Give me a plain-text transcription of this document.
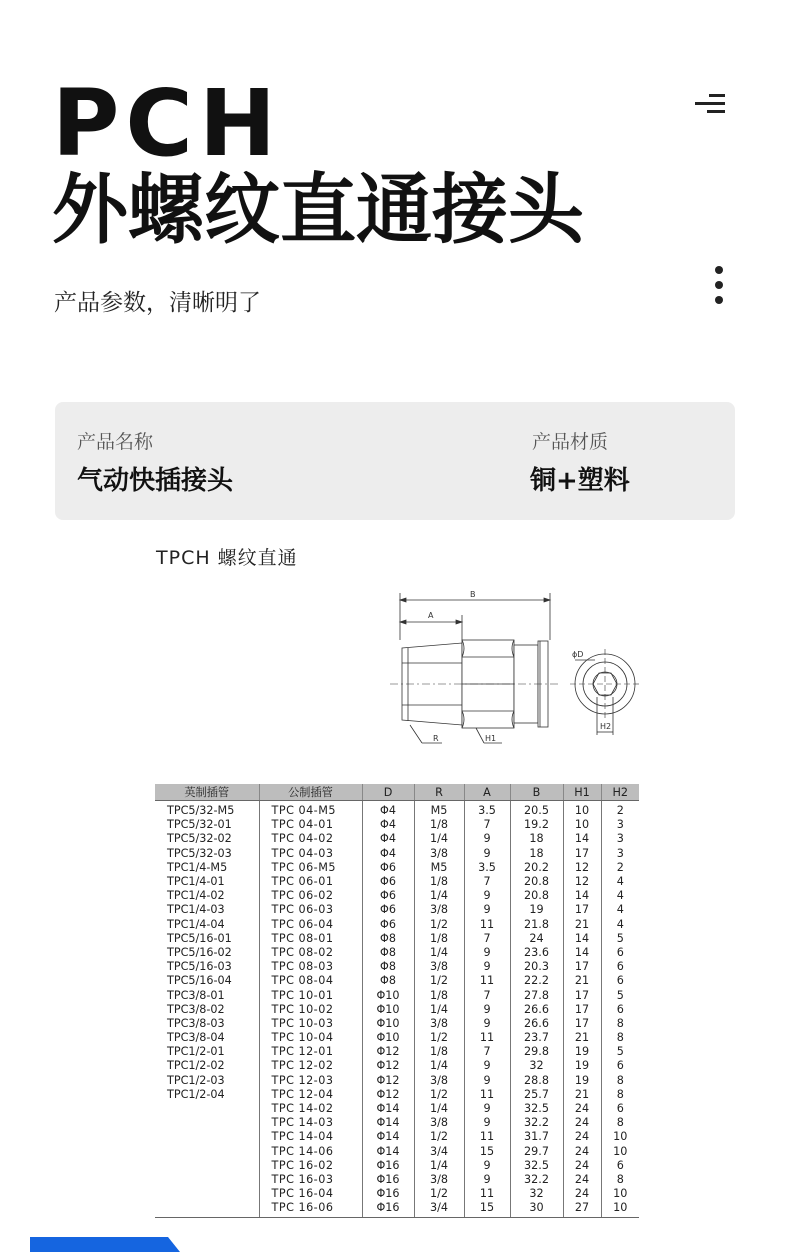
PCH
外螺纹直通接头
产品参数，清晰明了
产品名称
气动快插接头
产品材质
铜+塑料
TPCH 螺纹直通
B
A
R	H1
ϕD
H2
英制插管	公制插管	D	R	A	B	H1	H2
TPC5/32-M5	TPC 04-M5	Φ4	M5	3.5	20.5	10	2
TPC5/32-01	TPC 04-01	Φ4	1/8	7	19.2	10	3
TPC5/32-02	TPC 04-02	Φ4	1/4	9	18	14	3
TPC5/32-03	TPC 04-03	Φ4	3/8	9	18	17	3
TPC1/4-M5	TPC 06-M5	Φ6	M5	3.5	20.2	12	2
TPC1/4-01	TPC 06-01	Φ6	1/8	7	20.8	12	4
TPC1/4-02	TPC 06-02	Φ6	1/4	9	20.8	14	4
TPC1/4-03	TPC 06-03	Φ6	3/8	9	19	17	4
TPC1/4-04	TPC 06-04	Φ6	1/2	11	21.8	21	4
TPC5/16-01	TPC 08-01	Φ8	1/8	7	24	14	5
TPC5/16-02	TPC 08-02	Φ8	1/4	9	23.6	14	6
TPC5/16-03	TPC 08-03	Φ8	3/8	9	20.3	17	6
TPC5/16-04	TPC 08-04	Φ8	1/2	11	22.2	21	6
TPC3/8-01	TPC 10-01	Φ10	1/8	7	27.8	17	5
TPC3/8-02	TPC 10-02	Φ10	1/4	9	26.6	17	6
TPC3/8-03	TPC 10-03	Φ10	3/8	9	26.6	17	8
TPC3/8-04	TPC 10-04	Φ10	1/2	11	23.7	21	8
TPC1/2-01	TPC 12-01	Φ12	1/8	7	29.8	19	5
TPC1/2-02	TPC 12-02	Φ12	1/4	9	32	19	6
TPC1/2-03	TPC 12-03	Φ12	3/8	9	28.8	19	8
TPC1/2-04	TPC 12-04	Φ12	1/2	11	25.7	21	8
	TPC 14-02	Φ14	1/4	9	32.5	24	6
	TPC 14-03	Φ14	3/8	9	32.2	24	8
	TPC 14-04	Φ14	1/2	11	31.7	24	10
	TPC 14-06	Φ14	3/4	15	29.7	24	10
	TPC 16-02	Φ16	1/4	9	32.5	24	6
	TPC 16-03	Φ16	3/8	9	32.2	24	8
	TPC 16-04	Φ16	1/2	11	32	24	10
	TPC 16-06	Φ16	3/4	15	30	27	10
